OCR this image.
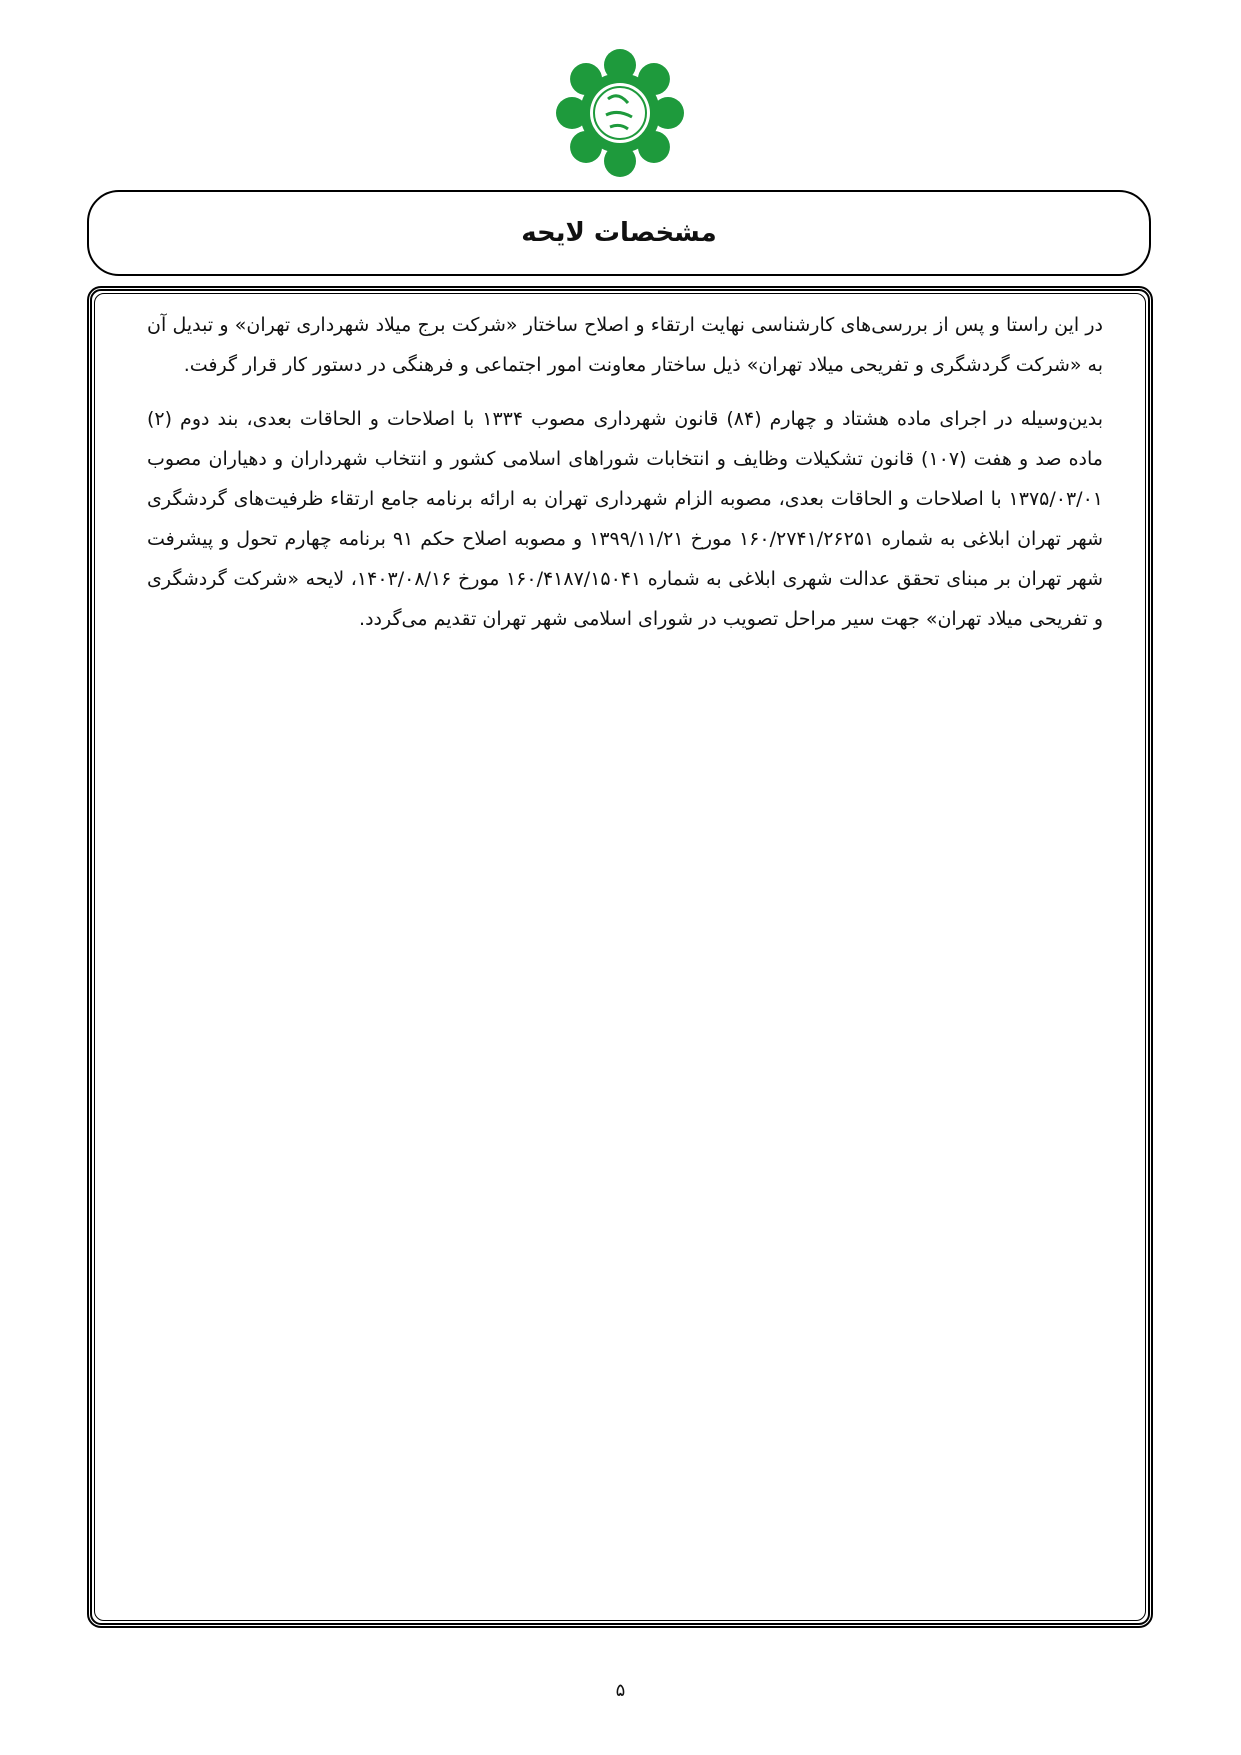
مشخصات لایحه

در این راستا و پس از بررسی‌های کارشناسی نهایت ارتقاء و اصلاح ساختار «شرکت برج میلاد شهرداری تهران» و تبدیل آن به «شرکت گردشگری و تفریحی میلاد تهران» ذیل ساختار معاونت امور اجتماعی و فرهنگی در دستور کار قرار گرفت.

بدین‌وسیله در اجرای ماده هشتاد و چهارم (۸۴) قانون شهرداری مصوب ۱۳۳۴ با اصلاحات و الحاقات بعدی، بند دوم (۲) ماده صد و هفت (۱۰۷) قانون تشکیلات وظایف و انتخابات شوراهای اسلامی کشور و انتخاب شهرداران و دهیاران مصوب ۱۳۷۵/۰۳/۰۱ با اصلاحات و الحاقات بعدی، مصوبه الزام شهرداری تهران به ارائه برنامه جامع ارتقاء ظرفیت‌های گردشگری شهر تهران ابلاغی به شماره ۱۶۰/۲۷۴۱/۲۶۲۵۱ مورخ ۱۳۹۹/۱۱/۲۱ و مصوبه اصلاح حکم ۹۱ برنامه چهارم تحول و پیشرفت شهر تهران بر مبنای تحقق عدالت شهری ابلاغی به شماره ۱۶۰/۴۱۸۷/۱۵۰۴۱ مورخ ۱۴۰۳/۰۸/۱۶، لایحه «شرکت گردشگری و تفریحی میلاد تهران» جهت سیر مراحل تصویب در شورای اسلامی شهر تهران تقدیم می‌گردد.

۵
